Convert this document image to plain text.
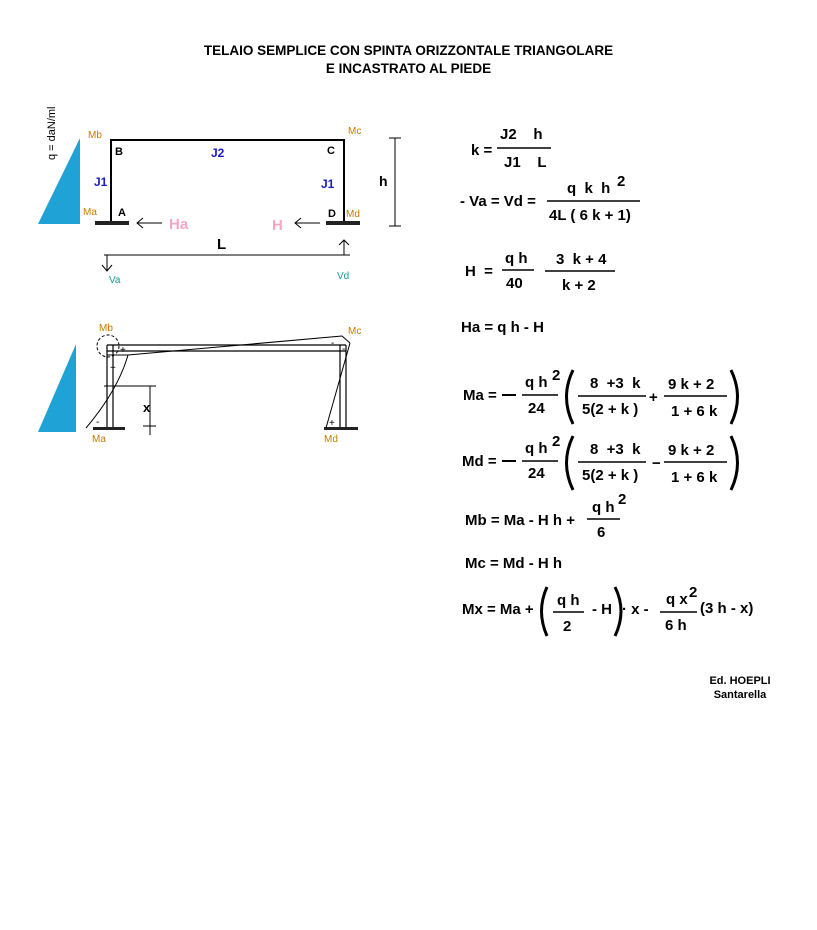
TELAIO SEMPLICE CON SPINTA ORIZZONTALE TRIANGOLARE
E INCASTRATO AL PIEDE
q = daN/ml	Mb	Mc
Ma	Md
B	C
A	D
J2
J1	J1	h
Ha	H
L
Va	Vd
Mb	Mc
Ma	Md
+
+
-
-
-
+
x
k =
J2    h
J1    L
- Va = Vd =
q  k  h 2
4L ( 6 k + 1)
H  =
q h
40
3  k + 4
k + 2
Ha = q h - H
Ma =
q h 2
24
8  +3  k
5(2 + k )
+
9 k + 2
1 + 6 k
Md =
q h 2
24
8  +3  k
5(2 + k )
−
9 k + 2
1 + 6 k
Mb = Ma - H h +
q h 2
6
Mc = Md - H h
Mx = Ma +
q h
2
- H · x -
q x 2
6 h
(3 h - x)
Ed. HOEPLI
Santarella
